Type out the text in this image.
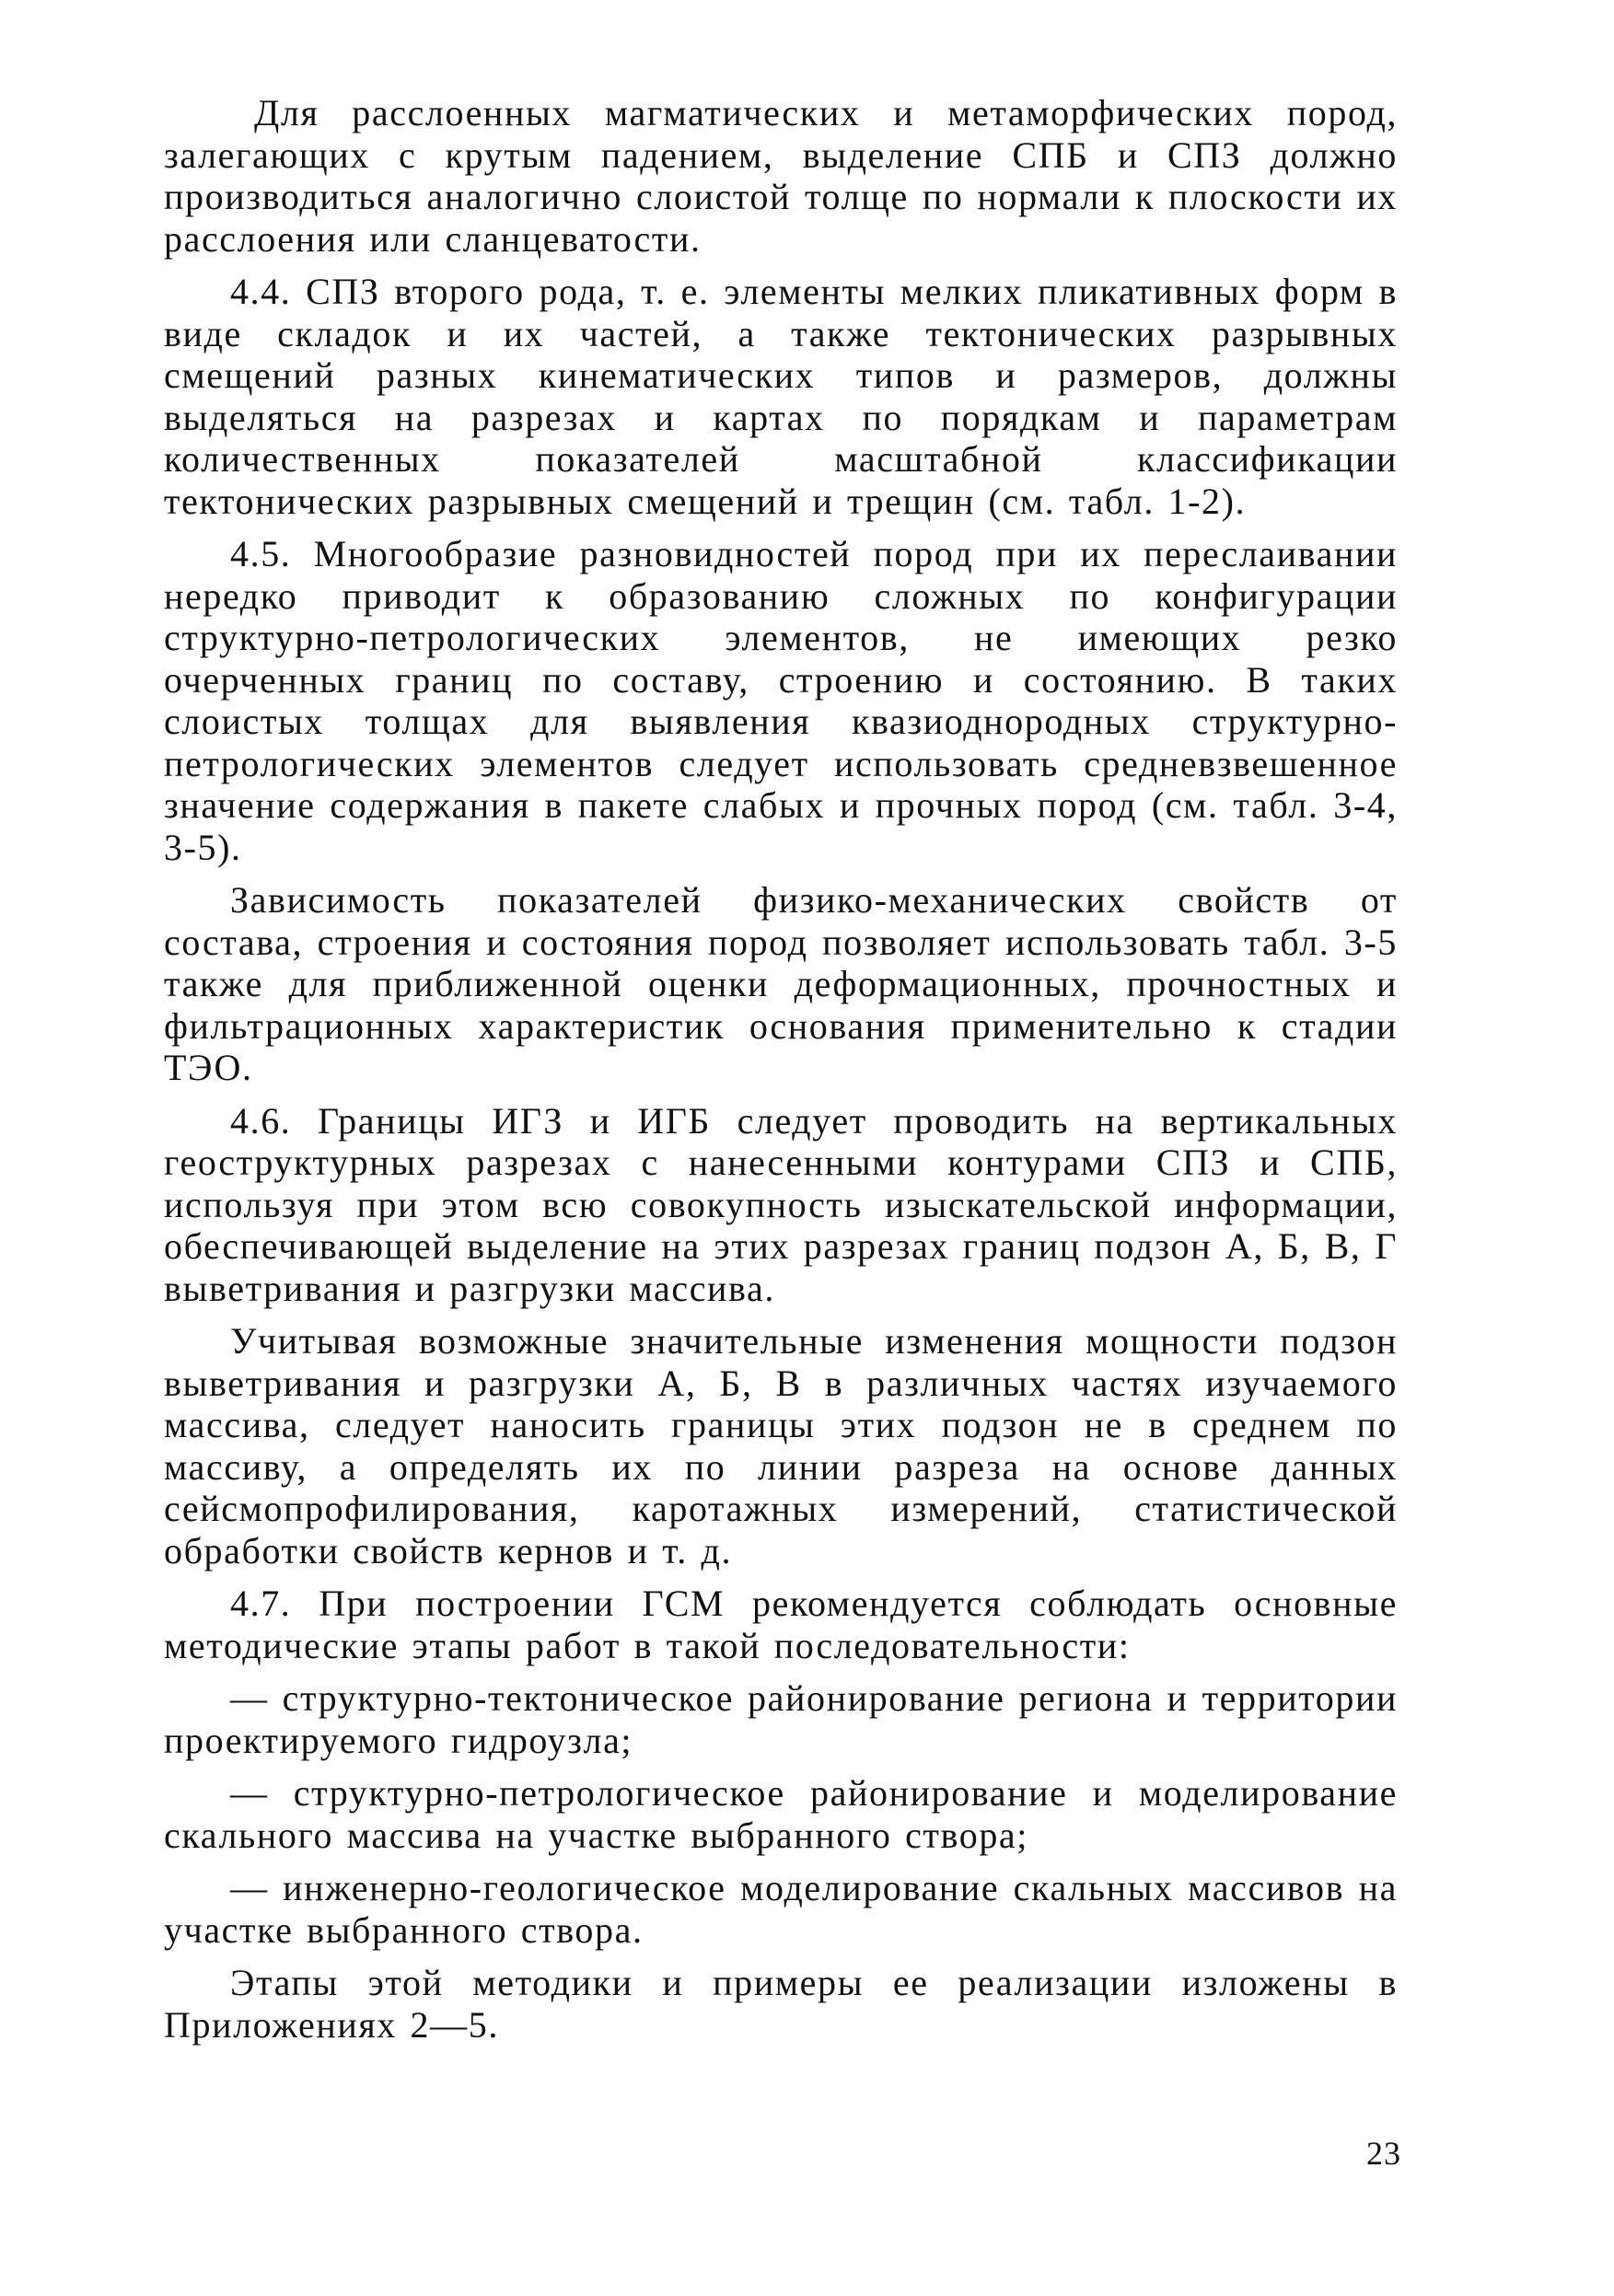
Для расслоенных магматических и метаморфических пород, залегающих с крутым падением, выделение СПБ и СПЗ должно производиться аналогично слоистой толще по нормали к плоскости их расслоения или сланцеватости.

4.4. СПЗ второго рода, т. е. элементы мелких пликативных форм в виде складок и их частей, а также тектонических разрывных смещений разных кинематических типов и размеров, должны выделяться на разрезах и картах по порядкам и параметрам количественных показателей масштабной классификации тектонических разрывных смещений и трещин (см. табл. 1-2).

4.5. Многообразие разновидностей пород при их переслаивании нередко приводит к образованию сложных по конфигурации структурно-петрологических элементов, не имеющих резко очерченных границ по составу, строению и состоянию. В таких слоистых толщах для выявления квазиоднородных структурно-петрологических элементов следует использовать средневзвешенное значение содержания в пакете слабых и прочных пород (см. табл. 3-4, 3-5).

Зависимость показателей физико-механических свойств от состава, строения и состояния пород позволяет использовать табл. 3-5 также для приближенной оценки деформационных, прочностных и фильтрационных характеристик основания применительно к стадии ТЭО.

4.6. Границы ИГЗ и ИГБ следует проводить на вертикальных геоструктурных разрезах с нанесенными контурами СПЗ и СПБ, используя при этом всю совокупность изыскательской информации, обеспечивающей выделение на этих разрезах границ подзон А, Б, В, Г выветривания и разгрузки массива.

Учитывая возможные значительные изменения мощности подзон выветривания и разгрузки А, Б, В в различных частях изучаемого массива, следует наносить границы этих подзон не в среднем по массиву, а определять их по линии разреза на основе данных сейсмопрофилирования, каротажных измерений, статистической обработки свойств кернов и т. д.

4.7. При построении ГСМ рекомендуется соблюдать основные методические этапы работ в такой последовательности:

— структурно-тектоническое районирование региона и территории проектируемого гидроузла;

— структурно-петрологическое районирование и моделирование скального массива на участке выбранного створа;

— инженерно-геологическое моделирование скальных массивов на участке выбранного створа.

Этапы этой методики и примеры ее реализации изложены в Приложениях 2—5.

23
